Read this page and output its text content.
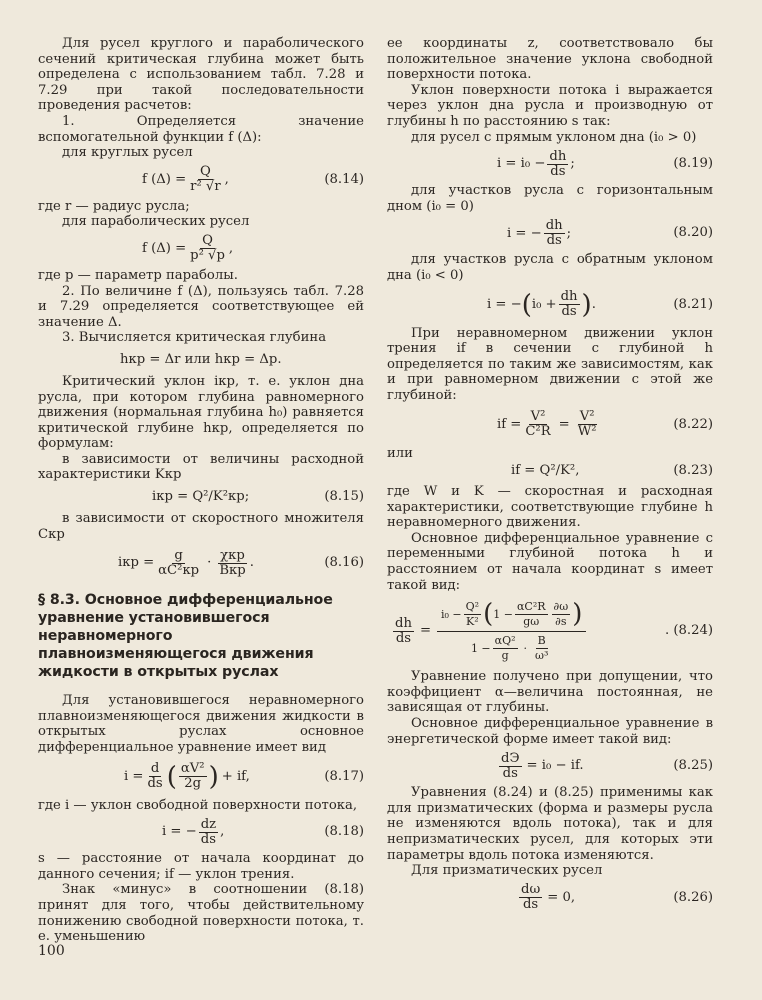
Для русел круглого и параболического сечений критическая глубина может быть определена с использованием табл. 7.28 и 7.29 при такой последовательности проведения расчетов:

1. Определяется значение вспомогательной функции f (Δ):

для круглых русел

f $(\Delta) = \frac{Q}{\text{r² √r}}$ ,	(8.14)

где r — радиус русла;

для параболических русел

f $(\Delta) = \frac{Q}{\text{p² √p}}$ ,

где p — параметр параболы.

2. По величине f (Δ), пользуясь табл. 7.28 и 7.29 определяется соответствующее ей значение Δ.

3. Вычисляется критическая глубина

hкр = Δr или hкр = Δp.

Критический уклон iкр, т. е. уклон дна русла, при котором глубина равномерного движения (нормальная глубина h₀) равняется критической глубине hкр, определяется по формулам:

в зависимости от величины расходной характеристики Kкр

iкр = Q²/K²кр;	(8.15)

в зависимости от скоростного множителя Cкр

iкр = $\frac{g}{\text{αC²кр}} \cdot \frac{\text{χкр}}{\text{Bкр}}$ .	(8.16)
§ 8.3. Основное дифференциальное уравнение установившегося неравномерного плавноизменяющегося движения жидкости в открытых руслах

Для установившегося неравномерного плавноизменяющегося движения жидкости в открытых руслах основное дифференциальное уравнение имеет вид

$i = \frac{d}{ds}$ ( $\frac{\text{αV²}}{2g}$ ) + if,	(8.17)

где i — уклон свободной поверхности потока,

i = − $\frac{dz}{ds}$ ,	(8.18)

s — расстояние от начала координат до данного сечения; if — уклон трения.

Знак «минус» в соотношении (8.18) принят для того, чтобы действительному понижению свободной поверхности потока, т. е. уменьшению

ее координаты z, соответствовало бы положительное значение уклона свободной поверхности потока.

Уклон поверхности потока i выражается через уклон дна русла и производную от глубины h по расстоянию s так:

для русел с прямым уклоном дна (i₀ > 0)

$i = i_0 - \frac{dh}{ds}$ ;	(8.19)

для участков русла с горизонтальным дном (i₀ = 0)

i = − $\frac{dh}{ds}$ ;	(8.20)

для участков русла с обратным уклоном дна (i₀ < 0)

i = − ( $i_0 + \frac{dh}{ds}$ ) .	(8.21)

При неравномерном движении уклон трения if в сечении с глубиной h определяется по таким же зависимостям, как и при равномерном движении с этой же глубиной:

if = $\frac{\text{V²}}{\text{C²R}} = \frac{\text{V²}}{\text{W²}}$	(8.22)

или

if = Q²/K²,	(8.23)

где W и K — скоростная и расходная характеристики, соответствующие глубине h неравномерного движения.

Основное дифференциальное уравнение с переменными глубиной потока h и расстоянием от начала координат s имеет такой вид:

$\frac{dh}{ds}$ =
$i_0 - \frac{\text{Q²}}{\text{K²}}$ ( $1 - \frac{\text{αC²R}}{g\omega} \frac{\partial\omega}{\partial s}$ )
$1 - \frac{\text{αQ²}}{g} \cdot \frac{B}{\text{ω³}}$
. (8.24)

Уравнение получено при допущении, что коэффициент α—величина постоянная, не зависящая от глубины.

Основное дифференциальное уравнение в энергетической форме имеет такой вид:

$\frac{dЭ}{ds} = i_0$ − if.	(8.25)

Уравнения (8.24) и (8.25) применимы как для призматических (форма и размеры русла не изменяются вдоль потока), так и для непризматических русел, для которых эти параметры вдоль потока изменяются.

Для призматических русел

$\frac{d\omega}{ds} = 0$,	(8.26)
100
